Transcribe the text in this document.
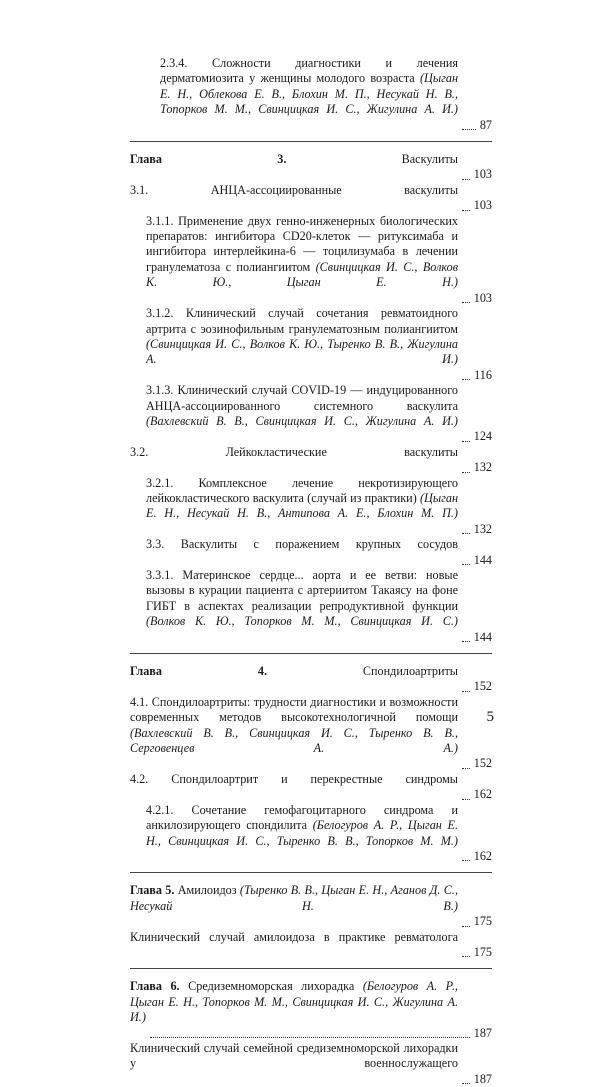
2.3.4. Сложности диагностики и лечения дерматомиозита у женщины молодого возраста (Цыган Е. Н., Облекова Е. В., Блохин М. П., Несукай Н. В., Топорков М. М., Свинцицкая И. С., Жигулина А. И.)
87
Глава 3.	Васкулиты
103
3.1.	АНЦА-ассоциированные васкулиты
103
3.1.1. Применение двух генно-инженерных биологических препаратов: ингибитора CD20-клеток — ритуксимаба и ингибитора интерлейкина-6 — тоцилизумаба в лечении гранулематоза с полиангиитом (Свинцицкая И. С., Волков К. Ю., Цыган Е. Н.)
103
3.1.2. Клинический случай сочетания ревматоидного артрита с эозинофильным гранулематозным полиангиитом (Свинцицкая И. С., Волков К. Ю., Тыренко В. В., Жигулина А. И.)
116
3.1.3. Клинический случай COVID-19 — индуцированного АНЦА-ассоциированного системного васкулита (Вахлевский В. В., Свинцицкая И. С., Жигулина А. И.)
124
3.2.	Лейкокластические васкулиты
132
3.2.1. Комплексное лечение некротизирующего лейкокластического васкулита (случай из практики) (Цыган Е. Н., Несукай Н. В., Антипова А. Е., Блохин М. П.)
132
3.3. Васкулиты с поражением крупных сосудов
144
3.3.1. Материнское сердце... аорта и ее ветви: новые вызовы в курации пациента с артериитом Такаясу на фоне ГИБТ в аспектах реализации репродуктивной функции (Волков К. Ю., Топорков М. М., Свинцицкая И. С.)
144
Глава 4.	Спондилоартриты
152
4.1. Спондилоартриты: трудности диагностики и возможности современных методов высокотехнологичной помощи (Вахлевский В. В., Свинцицкая И. С., Тыренко В. В., Серговенцев А. А.)
152
4.2. Спондилоартрит и перекрестные синдромы
162
4.2.1. Сочетание гемофагоцитарного синдрома и анкилозирующего спондилита (Белогуров А. Р., Цыган Е. Н., Свинцицкая И. С., Тыренко В. В., Топорков М. М.)
162
Глава 5. Амилоидоз (Тыренко В. В., Цыган Е. Н., Аганов Д. С., Несукай Н. В.)
175
Клинический случай амилоидоза в практике ревматолога
175
Глава 6. Средиземноморская лихорадка (Белогуров А. Р., Цыган Е. Н., Топорков М. М., Свинцицкая И. С., Жигулина А. И.)
187
Клинический случай семейной средиземноморской лихорадки у военнослужащего
187
5
